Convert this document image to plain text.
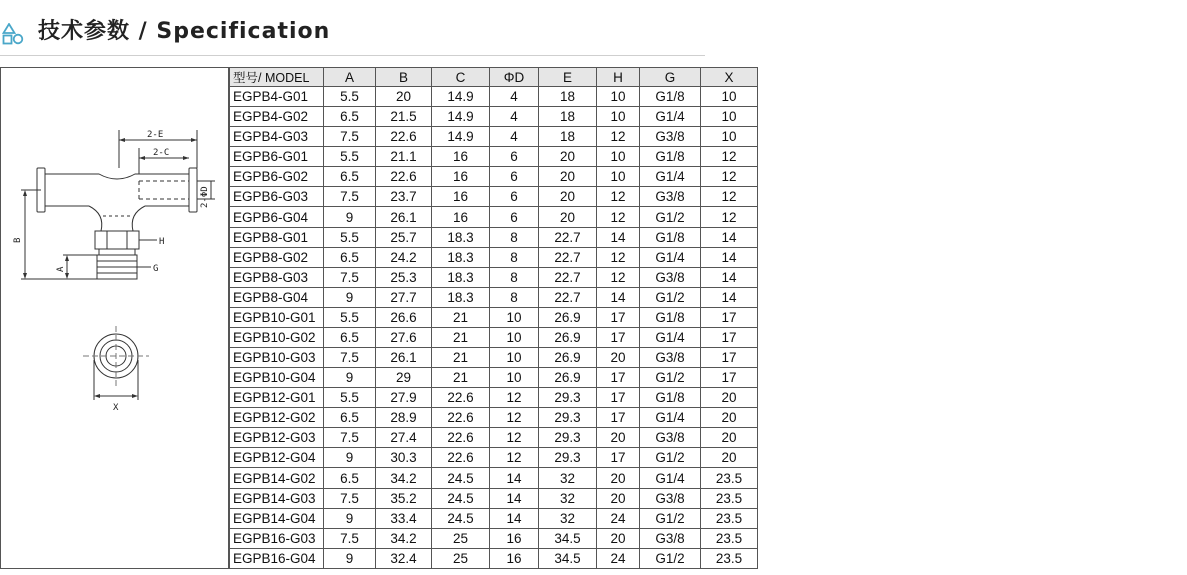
技术参数 / Specification
2-E
2-C
2-ΦD
B
A
H
G
X
型号/ MODEL	A	B	C	ΦD	E	H	G	X
EGPB4-G01	5.5	20	14.9	4	18	10	G1/8	10
EGPB4-G02	6.5	21.5	14.9	4	18	10	G1/4	10
EGPB4-G03	7.5	22.6	14.9	4	18	12	G3/8	10
EGPB6-G01	5.5	21.1	16	6	20	10	G1/8	12
EGPB6-G02	6.5	22.6	16	6	20	10	G1/4	12
EGPB6-G03	7.5	23.7	16	6	20	12	G3/8	12
EGPB6-G04	9	26.1	16	6	20	12	G1/2	12
EGPB8-G01	5.5	25.7	18.3	8	22.7	14	G1/8	14
EGPB8-G02	6.5	24.2	18.3	8	22.7	12	G1/4	14
EGPB8-G03	7.5	25.3	18.3	8	22.7	12	G3/8	14
EGPB8-G04	9	27.7	18.3	8	22.7	14	G1/2	14
EGPB10-G01	5.5	26.6	21	10	26.9	17	G1/8	17
EGPB10-G02	6.5	27.6	21	10	26.9	17	G1/4	17
EGPB10-G03	7.5	26.1	21	10	26.9	20	G3/8	17
EGPB10-G04	9	29	21	10	26.9	17	G1/2	17
EGPB12-G01	5.5	27.9	22.6	12	29.3	17	G1/8	20
EGPB12-G02	6.5	28.9	22.6	12	29.3	17	G1/4	20
EGPB12-G03	7.5	27.4	22.6	12	29.3	20	G3/8	20
EGPB12-G04	9	30.3	22.6	12	29.3	17	G1/2	20
EGPB14-G02	6.5	34.2	24.5	14	32	20	G1/4	23.5
EGPB14-G03	7.5	35.2	24.5	14	32	20	G3/8	23.5
EGPB14-G04	9	33.4	24.5	14	32	24	G1/2	23.5
EGPB16-G03	7.5	34.2	25	16	34.5	20	G3/8	23.5
EGPB16-G04	9	32.4	25	16	34.5	24	G1/2	23.5
